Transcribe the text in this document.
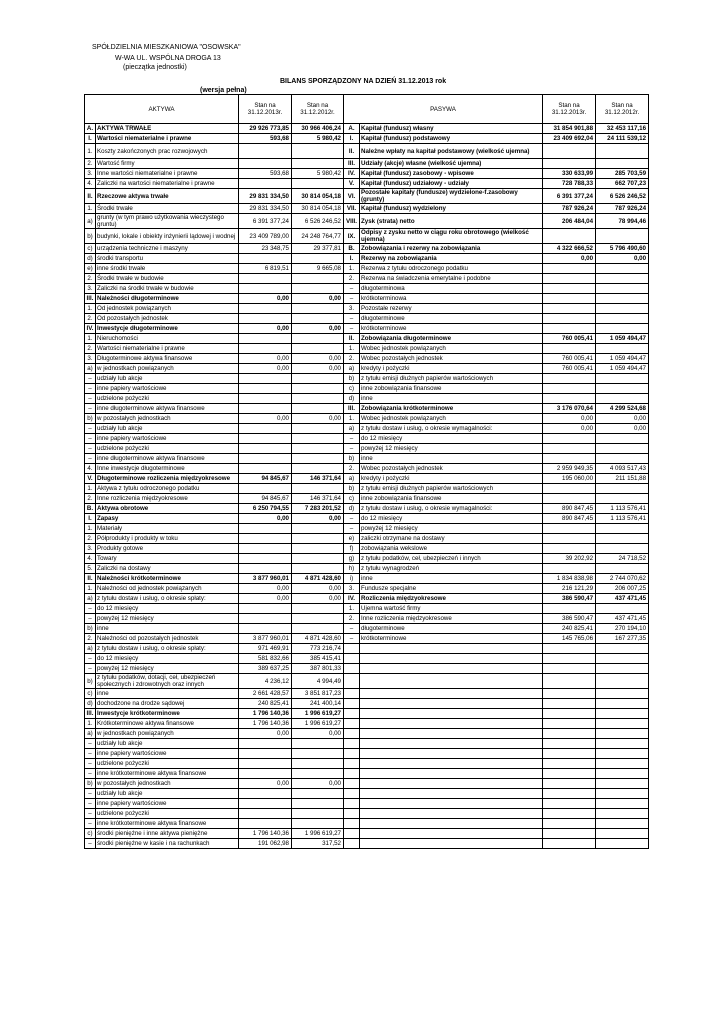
SPÓŁDZIELNIA MIESZKANIOWA "OSOWSKA"
W-WA UL. WSPÓLNA DROGA 13
(pieczątka jednostki)
BILANS SPORZĄDZONY NA DZIEŃ 31.12.2013 rok
(wersja pełna)
AKTYWA		Stan na 31.12.2013r.	Stan na 31.12.2012r.	PASYWA		Stan na 31.12.2013r.	Stan na 31.12.2012r.
A.	AKTYWA TRWAŁE	29 926 773,85	30 966 406,24	A.	Kapitał (fundusz) własny	31 854 901,88	32 453 117,16
I.	Wartości niematerialne i prawne	593,68	5 980,42	I.	Kapitał (fundusz) podstawowy	23 409 692,04	24 111 539,12
1.	Koszty zakończonych prac rozwojowych			II.	Należne wpłaty na kapitał podstawowy (wielkość ujemna)		
2.	Wartość firmy			III.	Udziały (akcje) własne (wielkość ujemna)		
3.	Inne wartości niematerialne i prawne	593,68	5 980,42	IV.	Kapitał (fundusz) zasobowy - wpisowe	330 633,99	285 703,59
4.	Zaliczki na wartości niematerialne i prawne			V.	Kapitał (fundusz) udziałowy - udziały	728 788,33	662 707,23
II.	Rzeczowe aktywa trwałe	29 831 334,50	30 814 054,18	VI.	Pozostałe kapitały (fundusze) wydzielone-f.zasobowy (grunty)	6 391 377,24	6 526 246,52
1.	Środki trwałe	29 831 334,50	30 814 054,18	VII.	Kapitał (fundusz) wydzielony	787 926,24	787 926,24
a)	grunty (w tym prawo użytkowania wieczystego gruntu)	6 391 377,24	6 526 246,52	VIII.	Zysk (strata) netto	206 484,04	78 994,46
b)	budynki, lokale i obiekty inżynierii lądowej i wodnej	23 409 789,00	24 248 764,77	IX.	Odpisy z zysku netto w ciągu roku obrotowego (wielkość ujemna)		
c)	urządzenia techniczne i maszyny	23 348,75	29 377,81	B.	Zobowiązania i rezerwy na zobowiązania	4 322 666,52	5 796 490,60
d)	środki transportu			I.	Rezerwy na zobowiązania	0,00	0,00
e)	inne środki trwałe	6 819,51	9 665,08	1.	Rezerwa z tytułu odroczonego podatku		
2.	Środki trwałe w budowie			2.	Rezerwa na świadczenia emerytalne i podobne		
3.	Zaliczki na środki trwałe w budowie			–	długoterminowa		
III.	Należności długoterminowe	0,00	0,00	–	krótkoterminowa		
1.	Od jednostek powiązanych			3.	Pozostałe rezerwy		
2.	Od pozostałych jednostek			–	długoterminowe		
IV.	Inwestycje długoterminowe	0,00	0,00	–	krótkoterminowe		
1.	Nieruchomości			II.	Zobowiązania długoterminowe	760 005,41	1 059 494,47
2.	Wartości niematerialne i prawne			1.	Wobec jednostek powiązanych		
3.	Długoterminowe aktywa finansowe	0,00	0,00	2.	Wobec pozostałych jednostek	760 005,41	1 059 494,47
a)	w jednostkach powiązanych	0,00	0,00	a)	kredyty i pożyczki	760 005,41	1 059 494,47
–	udziały lub akcje			b)	z tytułu emisji dłużnych papierów wartościowych		
–	inne papiery wartościowe			c)	inne zobowiązania finansowe		
–	udzielone pożyczki			d)	inne		
–	inne długoterminowe aktywa finansowe			III.	Zobowiązania krótkoterminowe	3 176 070,64	4 299 524,68
b)	w pozostałych jednostkach	0,00	0,00	1.	Wobec jednostek powiązanych	0,00	0,00
–	udziały lub akcje			a)	z tytułu dostaw i usług, o okresie wymagalności:	0,00	0,00
–	inne papiery wartościowe			–	do 12 miesięcy		
–	udzielone pożyczki			–	powyżej 12 miesięcy		
–	inne długoterminowe aktywa finansowe			b)	inne		
4.	Inne inwestycje długoterminowe			2.	Wobec pozostałych jednostek	2 959 949,35	4 093 517,43
V.	Długoterminowe rozliczenia międzyokresowe	94 845,67	146 371,64	a)	kredyty i pożyczki	195 060,00	211 151,88
1.	Aktywa z tytułu odroczonego podatku			b)	z tytułu emisji dłużnych papierów wartościowych		
2.	Inne rozliczenia międzyokresowe	94 845,67	146 371,64	c)	inne zobowiązania finansowe		
B.	Aktywa obrotowe	6 250 794,55	7 283 201,52	d)	z tytułu dostaw i usług, o okresie wymagalności:	890 847,45	1 113 576,41
I.	Zapasy	0,00	0,00	–	do 12 miesięcy	890 847,45	1 113 576,41
1.	Materiały			–	powyżej 12 miesięcy		
2.	Półprodukty i produkty w toku			e)	zaliczki otrzymane na dostawy		
3.	Produkty gotowe			f)	zobowiązania wekslowe		
4.	Towary			g)	z tytułu podatków, ceł, ubezpieczeń i innych	39 202,92	24 718,52
5.	Zaliczki na dostawy			h)	z tytułu wynagrodzeń		
II.	Należności krótkoterminowe	3 877 960,01	4 871 428,60	i)	inne	1 834 838,98	2 744 070,62
1.	Należności od jednostek powiązanych	0,00	0,00	3.	Fundusze specjalne	216 121,29	206 007,25
a)	z tytułu dostaw i usług, o okresie spłaty:	0,00	0,00	IV.	Rozliczenia międzyokresowe	386 590,47	437 471,45
–	do 12 miesięcy			1.	Ujemna wartość firmy		
–	powyżej 12 miesięcy			2.	Inne rozliczenia międzyokresowe	386 590,47	437 471,45
b)	inne			–	długoterminowe	240 825,41	270 194,10
2.	Należności od pozostałych jednostek	3 877 960,01	4 871 428,60	–	krótkoterminowe	145 765,06	167 277,35
a)	z tytułu dostaw i usług, o okresie spłaty:	971 469,91	773 216,74				
–	do 12 miesięcy	581 832,66	385 415,41				
–	powyżej 12 miesięcy	389 637,25	387 801,33				
b)	z tytułu podatków, dotacji, ceł, ubezpieczeń społecznych i zdrowotnych oraz innych	4 236,12	4 994,49				
c)	inne	2 661 428,57	3 851 817,23				
d)	dochodzone na drodze sądowej	240 825,41	241 400,14				
III.	Inwestycje krótkoterminowe	1 796 140,36	1 996 619,27				
1.	Krótkoterminowe aktywa finansowe	1 796 140,36	1 996 619,27				
a)	w jednostkach powiązanych	0,00	0,00				
–	udziały lub akcje						
–	inne papiery wartościowe						
–	udzielone pożyczki						
–	inne krótkoterminowe aktywa finansowe						
b)	w pozostałych jednostkach	0,00	0,00				
–	udziały lub akcje						
–	inne papiery wartościowe						
–	udzielone pożyczki						
–	inne krótkoterminowe aktywa finansowe						
c)	środki pieniężne i inne aktywa pieniężne	1 796 140,36	1 996 619,27				
–	środki pieniężne w kasie i na rachunkach	191 062,98	317,52				
